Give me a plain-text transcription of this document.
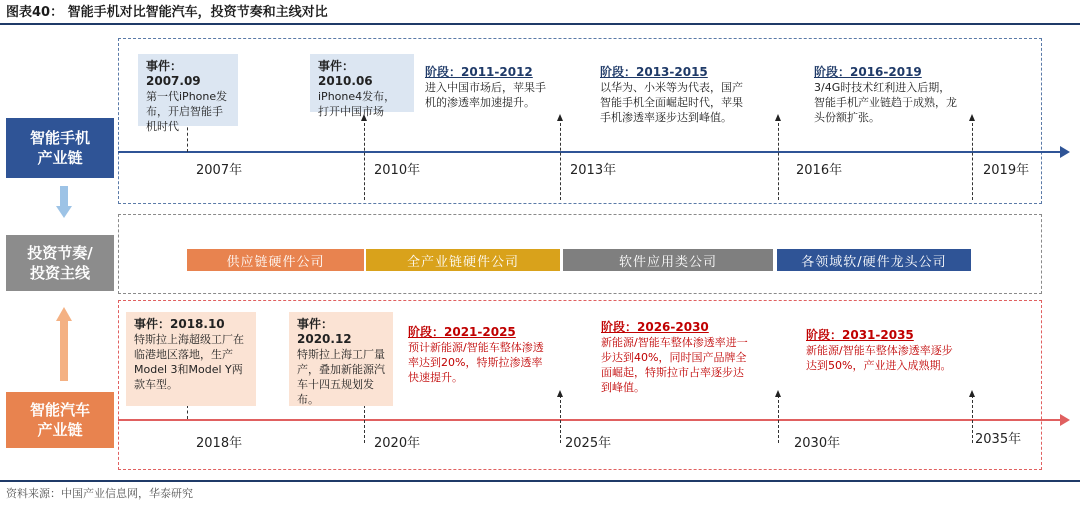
图表40： 智能手机对比智能汽车，投资节奏和主线对比
智能手机
产业链
投资节奏/
投资主线
智能汽车
产业链
2007年	2010年	2013年	2016年	2019年
2018年	2020年	2025年	2030年	2035年
事件：2007.09
第一代iPhone发布，开启智能手机时代
事件：2010.06
iPhone4发布，打开中国市场
阶段：2011-2012
进入中国市场后，苹果手机的渗透率加速提升。
阶段：2013-2015
以华为、小米等为代表，国产智能手机全面崛起时代，苹果手机渗透率逐步达到峰值。
阶段：2016-2019
3/4G时技术红利进入后期，智能手机产业链趋于成熟，龙头份额扩张。
供应链硬件公司	全产业链硬件公司	软件应用类公司	各领域软/硬件龙头公司
事件：2018.10
特斯拉上海超级工厂在临港地区落地，生产Model 3和Model Y两款车型。
事件：2020.12
特斯拉上海工厂量产，叠加新能源汽车十四五规划发布。
阶段：2021-2025
预计新能源/智能车整体渗透率达到20%，特斯拉渗透率快速提升。
阶段：2026-2030
新能源/智能车整体渗透率进一步达到40%，同时国产品牌全面崛起，特斯拉市占率逐步达到峰值。
阶段：2031-2035
新能源/智能车整体渗透率逐步达到50%，产业进入成熟期。
资料来源：中国产业信息网，华泰研究
